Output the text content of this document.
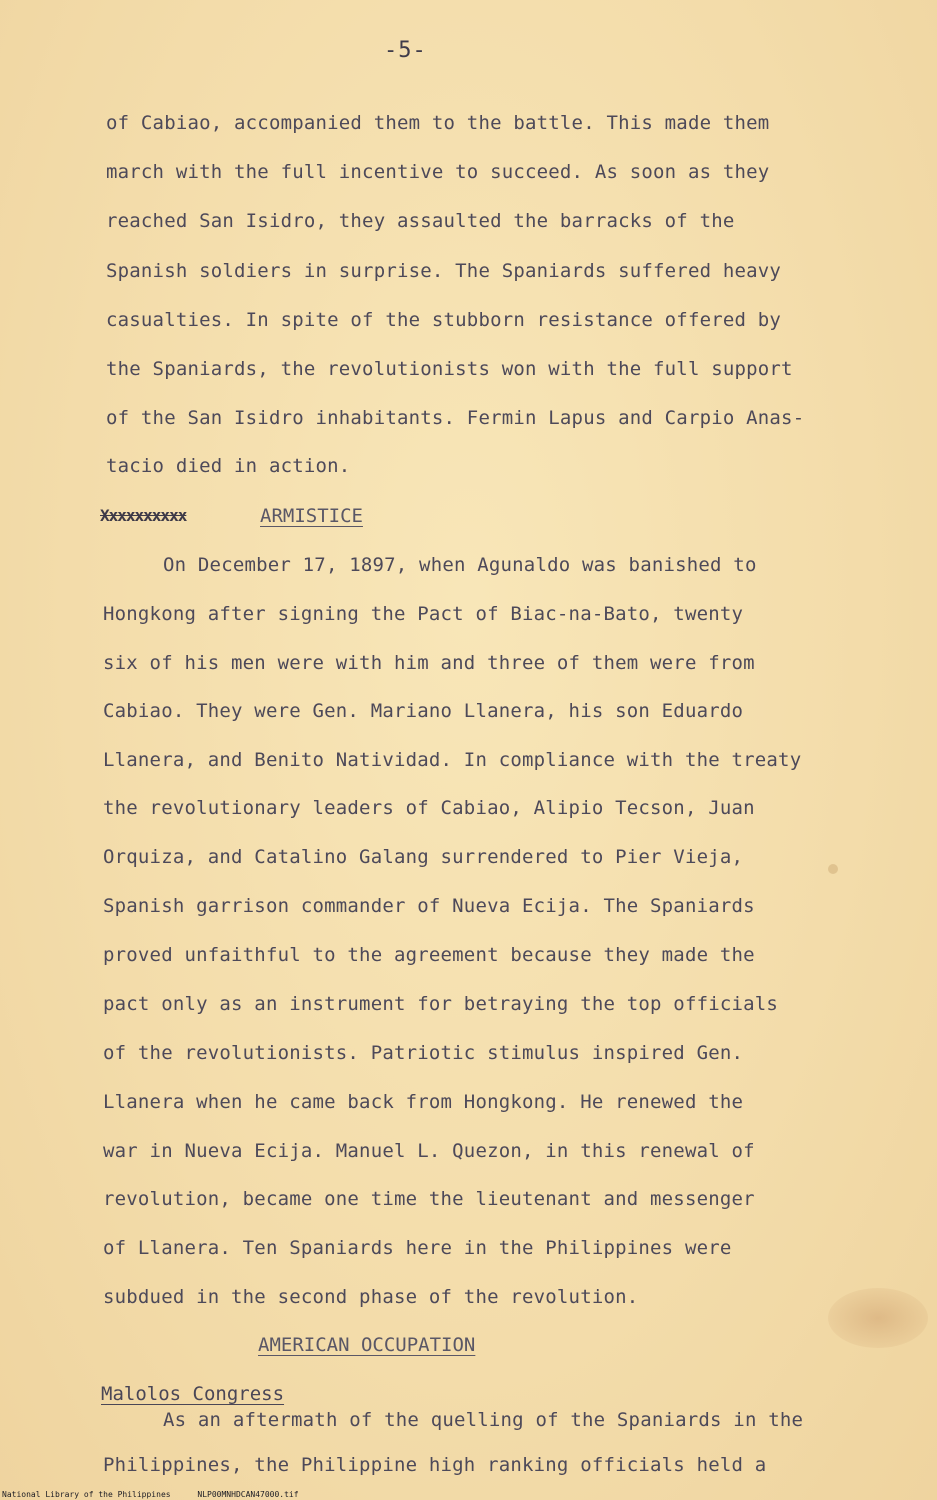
-5-
of Cabiao, accompanied them to the battle. This made them
march with the full incentive to succeed. As soon as they
reached San Isidro, they assaulted the barracks of the
Spanish soldiers in surprise. The Spaniards suffered heavy
casualties. In spite of the stubborn resistance offered by
the Spaniards, the revolutionists won with the full support
of the San Isidro inhabitants. Fermin Lapus and Carpio Anas-
tacio died in action.
Xxxxxxxxxx	ARMISTICE
On December 17, 1897, when Agunaldo was banished to
Hongkong after signing the Pact of Biac-na-Bato, twenty
six of his men were with him and three of them were from
Cabiao. They were Gen. Mariano Llanera, his son Eduardo
Llanera, and Benito Natividad. In compliance with the treaty
the revolutionary leaders of Cabiao, Alipio Tecson, Juan
Orquiza, and Catalino Galang surrendered to Pier Vieja,
Spanish garrison commander of Nueva Ecija. The Spaniards
proved unfaithful to the agreement because they made the
pact only as an instrument for betraying the top officials
of the revolutionists. Patriotic stimulus inspired Gen.
Llanera when he came back from Hongkong. He renewed the
war in Nueva Ecija. Manuel L. Quezon, in this renewal of
revolution, became one time the lieutenant and messenger
of Llanera. Ten Spaniards here in the Philippines were
subdued in the second phase of the revolution.
AMERICAN OCCUPATION
Malolos Congress
As an aftermath of the quelling of the Spaniards in the
Philippines, the Philippine high ranking officials held a
National Library of the Philippines	NLP00MNHDCAN47000.tif
